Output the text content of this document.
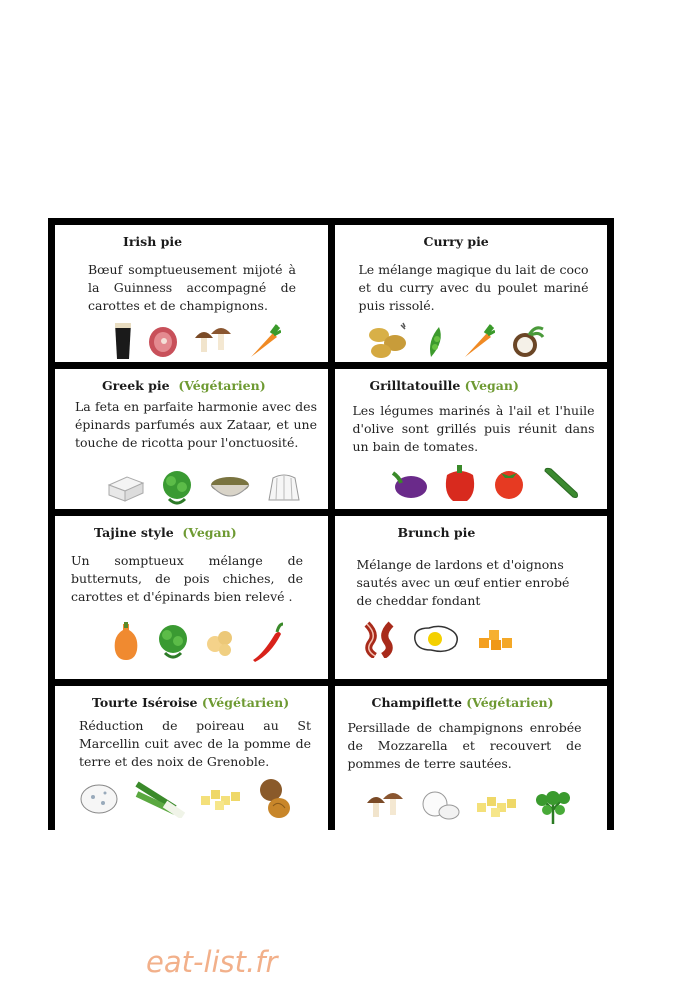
Irish pie
Bœuf somptueusement mijoté à la Guinness accompagné de carottes et de champignons.
Curry pie
Le mélange magique du lait de coco et du curry avec du poulet mariné puis rissolé.
Greek pie (Végétarien)
La feta en parfaite harmonie avec des épinards parfumés aux Zataar, et une touche de ricotta pour l'onctuosité.
Grilltatouille (Vegan)
Les légumes marinés à l'ail et l'huile d'olive sont grillés puis réunit dans un bain de tomates.
Tajine style (Vegan)
Un somptueux mélange de butternuts, de pois chiches, de carottes et d'épinards bien relevé .
Brunch pie
Mélange de lardons et d'oignons sautés avec un œuf entier enrobé de cheddar fondant
Tourte Iséroise (Végétarien)
Réduction de poireau au St Marcellin cuit avec de la pomme de terre et des noix de Grenoble.
Champiflette (Végétarien)
Persillade de champignons enrobée de Mozzarella et recouvert de pommes de terre sautées.
eat-list.fr
